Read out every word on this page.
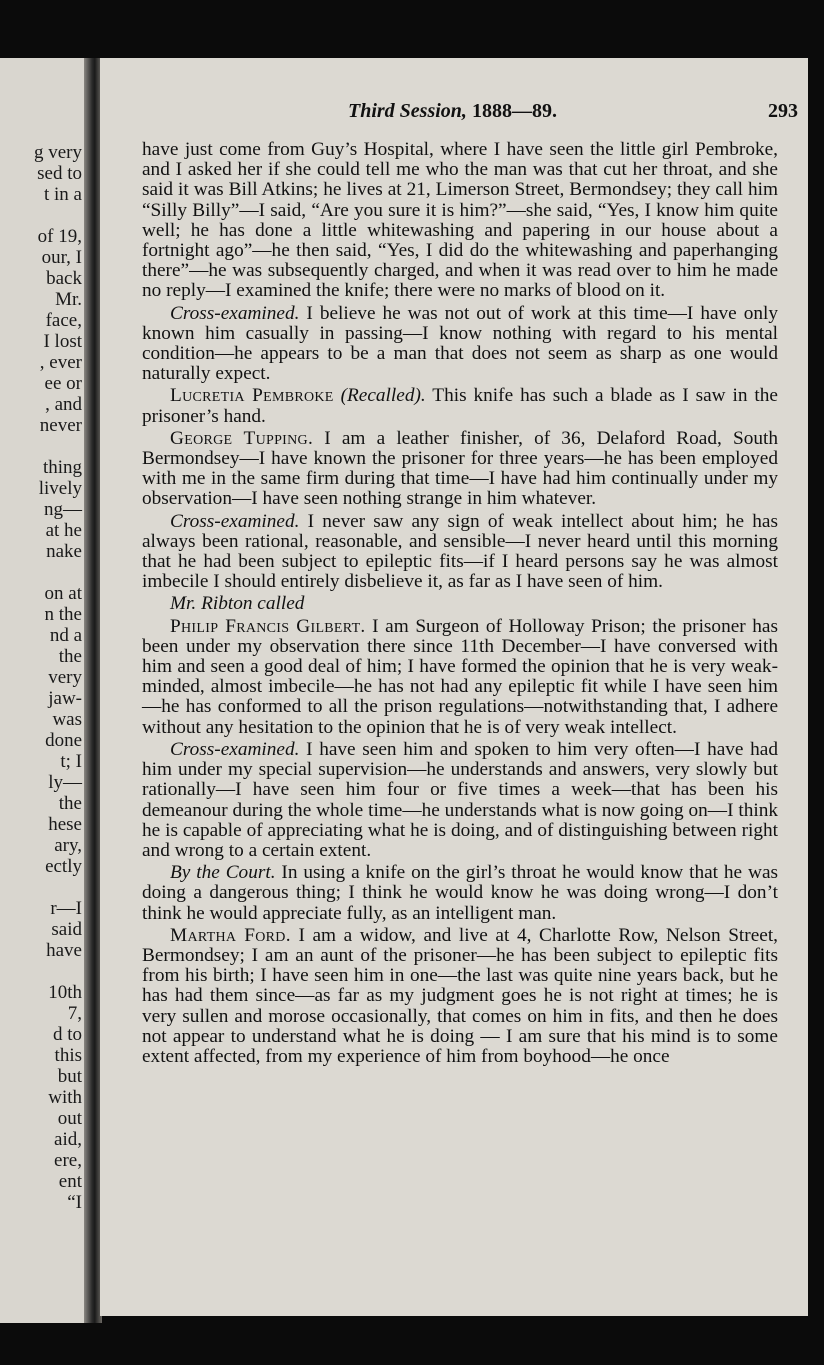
g very
sed to
t in a
of 19,
our, I
back
Mr.
face,
I lost
, ever
ee or
, and
never
thing
lively
ng—
at he
nake
on at
n the
nd a
the
very
jaw-
was
done
t; I
ly—
the
hese
ary,
ectly
r—I
said
have
10th
7,
d to
this
but
with
out
aid,
ere,
ent
“I
Third Session, 1888—89.	293

have just come from Guy’s Hospital, where I have seen the little girl Pembroke, and I asked her if she could tell me who the man was that cut her throat, and she said it was Bill Atkins; he lives at 21, Limerson Street, Bermondsey; they call him “Silly Billy”—I said, “Are you sure it is him?”—she said, “Yes, I know him quite well; he has done a little whitewashing and papering in our house about a fortnight ago”—he then said, “Yes, I did do the whitewashing and paperhanging there”—he was subsequently charged, and when it was read over to him he made no reply—I examined the knife; there were no marks of blood on it.

Cross-examined. I believe he was not out of work at this time—I have only known him casually in passing—I know nothing with regard to his mental condition—he appears to be a man that does not seem as sharp as one would naturally expect.

Lucretia Pembroke (Recalled). This knife has such a blade as I saw in the prisoner’s hand.

George Tupping. I am a leather finisher, of 36, Delaford Road, South Bermondsey—I have known the prisoner for three years—he has been employed with me in the same firm during that time—I have had him continually under my observation—I have seen nothing strange in him whatever.

Cross-examined. I never saw any sign of weak intellect about him; he has always been rational, reasonable, and sensible—I never heard until this morning that he had been subject to epileptic fits—if I heard persons say he was almost imbecile I should entirely disbelieve it, as far as I have seen of him.

Mr. Ribton called

Philip Francis Gilbert. I am Surgeon of Holloway Prison; the prisoner has been under my observation there since 11th December—I have conversed with him and seen a good deal of him; I have formed the opinion that he is very weak-minded, almost imbecile—he has not had any epileptic fit while I have seen him—he has conformed to all the prison regulations—notwithstanding that, I adhere without any hesitation to the opinion that he is of very weak intellect.

Cross-examined. I have seen him and spoken to him very often—I have had him under my special supervision—he understands and answers, very slowly but rationally—I have seen him four or five times a week—that has been his demeanour during the whole time—he understands what is now going on—I think he is capable of appreciating what he is doing, and of distinguishing between right and wrong to a certain extent.

By the Court. In using a knife on the girl’s throat he would know that he was doing a dangerous thing; I think he would know he was doing wrong—I don’t think he would appreciate fully, as an intelligent man.

Martha Ford. I am a widow, and live at 4, Charlotte Row, Nelson Street, Bermondsey; I am an aunt of the prisoner—he has been subject to epileptic fits from his birth; I have seen him in one—the last was quite nine years back, but he has had them since—as far as my judgment goes he is not right at times; he is very sullen and morose occasionally, that comes on him in fits, and then he does not appear to understand what he is doing — I am sure that his mind is to some extent affected, from my experience of him from boyhood—he once
